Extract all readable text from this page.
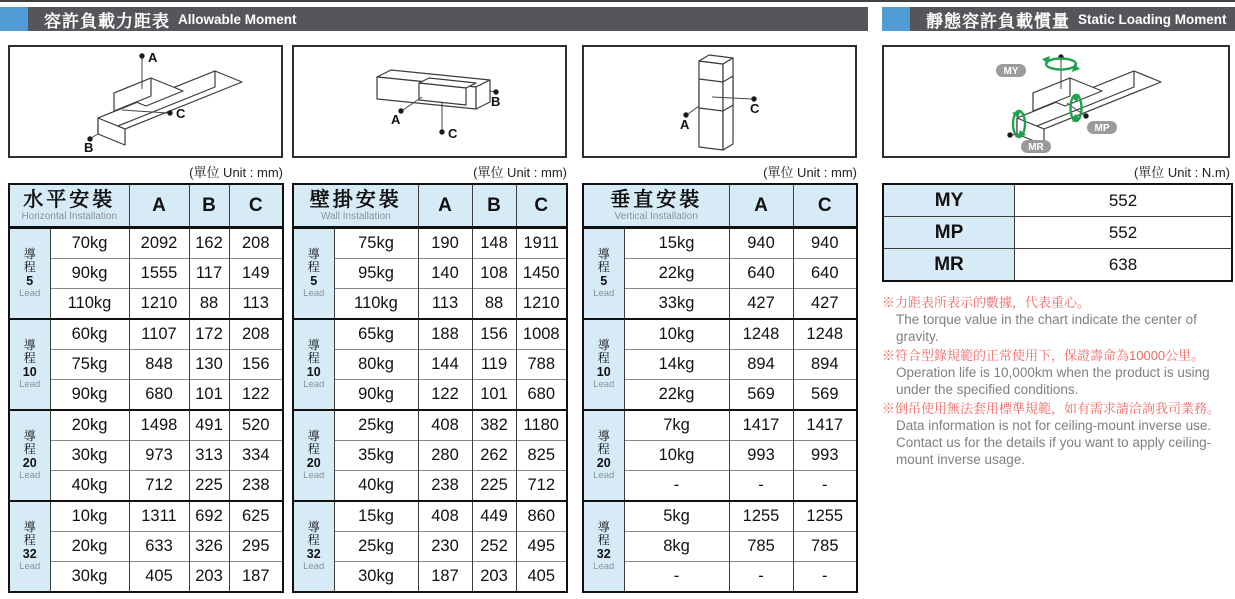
容許負載力距表 Allowable Moment	靜態容許負載慣量 Static Loading Moment
A
B
C	A
B
C
A
C
MY
MP
MR
(單位 Unit : mm)	(單位 Unit : mm)	(單位 Unit : mm)	(單位 Unit : N.m)
水平安裝
Horizontal Installation		A	B	C

導
程
5
Lead	70kg	2092	162	208
	90kg	1555	117	149
	110kg	1210	88	113

導
程
10
Lead	60kg	1107	172	208
	75kg	848	130	156
	90kg	680	101	122

導
程
20
Lead	20kg	1498	491	520
	30kg	973	313	334
	40kg	712	225	238

導
程
32
Lead	10kg	1311	692	625
	20kg	633	326	295
	30kg	405	203	187
壁掛安裝
Wall Installation		A	B	C

導
程
5
Lead	75kg	190	148	1911
	95kg	140	108	1450
	110kg	113	88	1210

導
程
10
Lead	65kg	188	156	1008
	80kg	144	119	788
	90kg	122	101	680

導
程
20
Lead	25kg	408	382	1180
	35kg	280	262	825
	40kg	238	225	712

導
程
32
Lead	15kg	408	449	860
	25kg	230	252	495
	30kg	187	203	405
垂直安裝
Vertical Installation		A	C

導
程
5
Lead	15kg	940	940
	22kg	640	640
	33kg	427	427

導
程
10
Lead	10kg	1248	1248
	14kg	894	894
	22kg	569	569

導
程
20
Lead	7kg	1417	1417
	10kg	993	993
	-	-	-

導
程
32
Lead	5kg	1255	1255
	8kg	785	785
	-	-	-
MY	552
MP	552
MR	638
※力距表所表示的數據，代表重心。
The torque value in the chart indicate the center of gravity.
※符合型錄規範的正常使用下，保證壽命為10000公里。
Operation life is 10,000km when the product is using under the specified conditions.
※倒吊使用無法套用標準規範，如有需求請洽詢我司業務。
Data information is not for ceiling-mount inverse use. Contact us for the details if you want to apply ceiling-mount inverse usage.
